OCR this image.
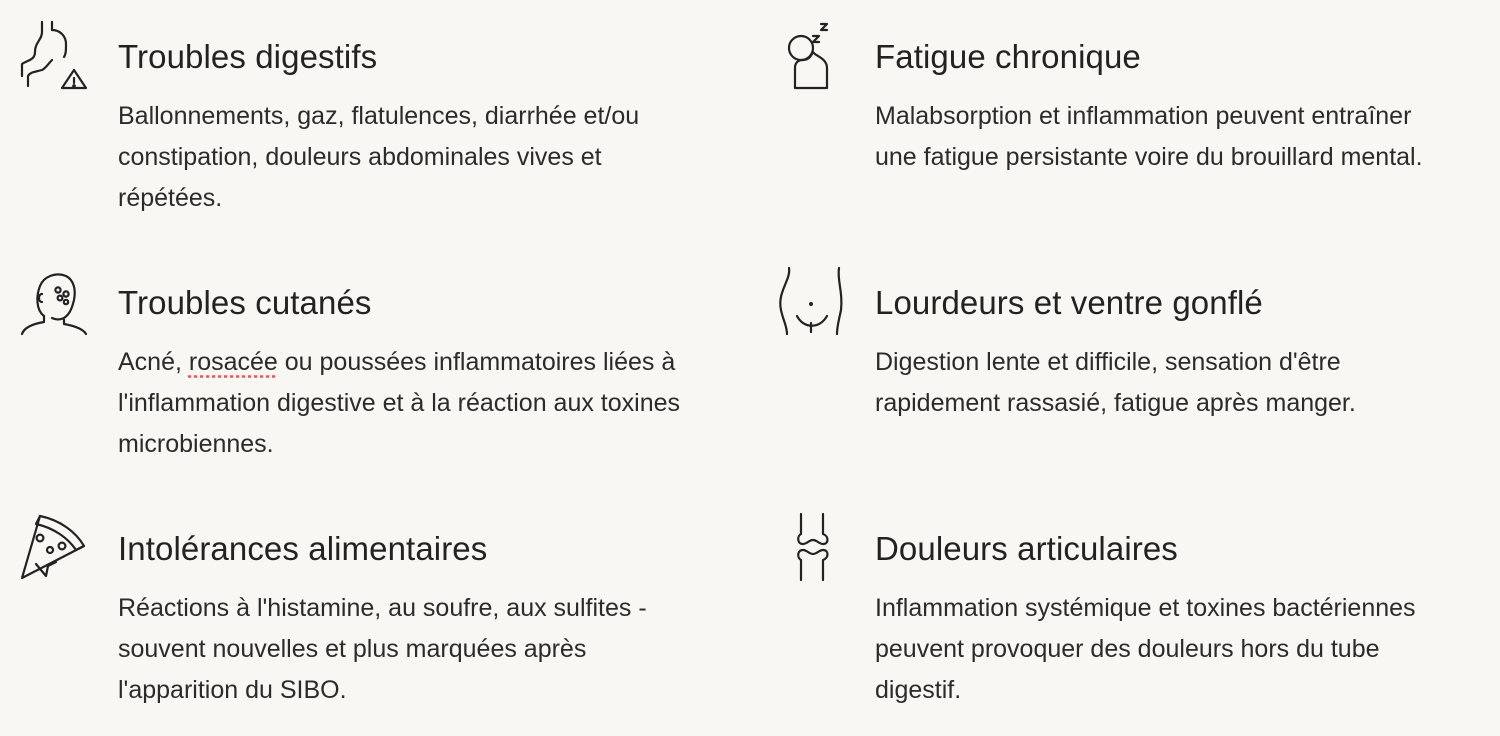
Troubles digestifs

Ballonnements, gaz, flatulences, diarrhée et/ou
constipation, douleurs abdominales vives et
répétées.

Fatigue chronique

Malabsorption et inflammation peuvent entraîner
une fatigue persistante voire du brouillard mental.

Troubles cutanés

Acné, rosacée ou poussées inflammatoires liées à
l'inflammation digestive et à la réaction aux toxines
microbiennes.

Lourdeurs et ventre gonflé

Digestion lente et difficile, sensation d'être
rapidement rassasié, fatigue après manger.

Intolérances alimentaires

Réactions à l'histamine, au soufre, aux sulfites -
souvent nouvelles et plus marquées après
l'apparition du SIBO.

Douleurs articulaires

Inflammation systémique et toxines bactériennes
peuvent provoquer des douleurs hors du tube
digestif.
